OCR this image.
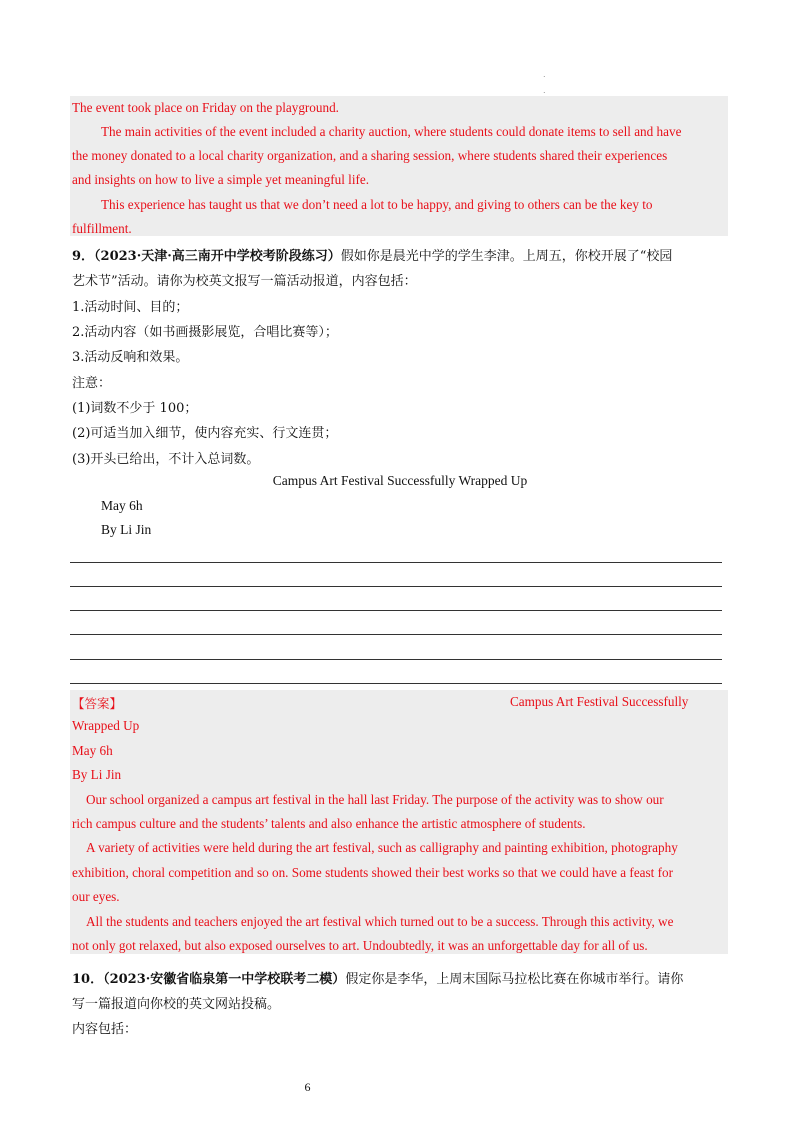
.
.
The event took place on Friday on the playground.
The main activities of the event included a charity auction, where students could donate items to sell and have
the money donated to a local charity organization, and a sharing session, where students shared their experiences
and insights on how to live a simple yet meaningful life.
This experience has taught us that we don’t need a lot to be happy, and giving to others can be the key to
fulfillment.
9．（2023·天津·高三南开中学校考阶段练习）假如你是晨光中学的学生李津。上周五，你校开展了“校园
艺术节”活动。请你为校英文报写一篇活动报道，内容包括：
1.活动时间、目的；
2.活动内容（如书画摄影展览，合唱比赛等）；
3.活动反响和效果。
注意：
(1)词数不少于 100；
(2)可适当加入细节，使内容充实、行文连贯；
(3)开头已给出，不计入总词数。
Campus Art Festival Successfully Wrapped Up
May 6h
By Li Jin
【答案】	Campus Art Festival Successfully
Wrapped Up
May 6h
By Li Jin
Our school organized a campus art festival in the hall last Friday. The purpose of the activity was to show our
rich campus culture and the students’ talents and also enhance the artistic atmosphere of students.
A variety of activities were held during the art festival, such as calligraphy and painting exhibition, photography
exhibition, choral competition and so on. Some students showed their best works so that we could have a feast for
our eyes.
All the students and teachers enjoyed the art festival which turned out to be a success. Through this activity, we
not only got relaxed, but also exposed ourselves to art. Undoubtedly, it was an unforgettable day for all of us.
10．（2023·安徽省临泉第一中学校联考二模）假定你是李华，上周末国际马拉松比赛在你城市举行。请你
写一篇报道向你校的英文网站投稿。
内容包括：
6
